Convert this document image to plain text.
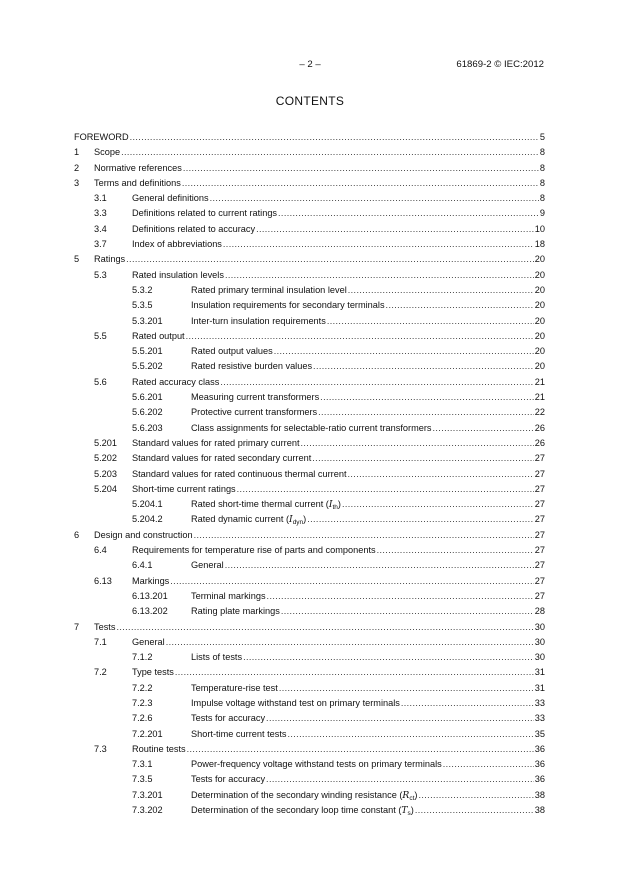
– 2 –	61869-2 © IEC:2012
CONTENTS
FOREWORD .....	5
1	Scope .....	8
2	Normative references .....	8
3	Terms and definitions .....	8
3.1	General definitions .....	8
3.3	Definitions related to current ratings .....	9
3.4	Definitions related to accuracy .....	10
3.7	Index of abbreviations .....	18
5	Ratings .....	20
5.3	Rated insulation levels .....	20
5.3.2	Rated primary terminal insulation level .....	20
5.3.5	Insulation requirements for secondary terminals .....	20
5.3.201	Inter-turn insulation requirements .....	20
5.5	Rated output .....	20
5.5.201	Rated output values .....	20
5.5.202	Rated resistive burden values .....	20
5.6	Rated accuracy class .....	21
5.6.201	Measuring current transformers .....	21
5.6.202	Protective current transformers .....	22
5.6.203	Class assignments for selectable-ratio current transformers .....	26
5.201	Standard values for rated primary current .....	26
5.202	Standard values for rated secondary current .....	27
5.203	Standard values for rated continuous thermal current .....	27
5.204	Short-time current ratings .....	27
5.204.1	Rated short-time thermal current $(I_{th})$ .....	27
5.204.2	Rated dynamic current $(I_{dyn})$ .....	27
6	Design and construction .....	27
6.4	Requirements for temperature rise of parts and components .....	27
6.4.1	General .....	27
6.13	Markings .....	27
6.13.201	Terminal markings .....	27
6.13.202	Rating plate markings .....	28
7	Tests .....	30
7.1	General .....	30
7.1.2	Lists of tests .....	30
7.2	Type tests .....	31
7.2.2	Temperature-rise test .....	31
7.2.3	Impulse voltage withstand test on primary terminals .....	33
7.2.6	Tests for accuracy .....	33
7.2.201	Short-time current tests .....	35
7.3	Routine tests .....	36
7.3.1	Power-frequency voltage withstand tests on primary terminals .....	36
7.3.5	Tests for accuracy .....	36
7.3.201	Determination of the secondary winding resistance $(R_{ct})$ .....	38
7.3.202	Determination of the secondary loop time constant $(T_s)$ .....	38
